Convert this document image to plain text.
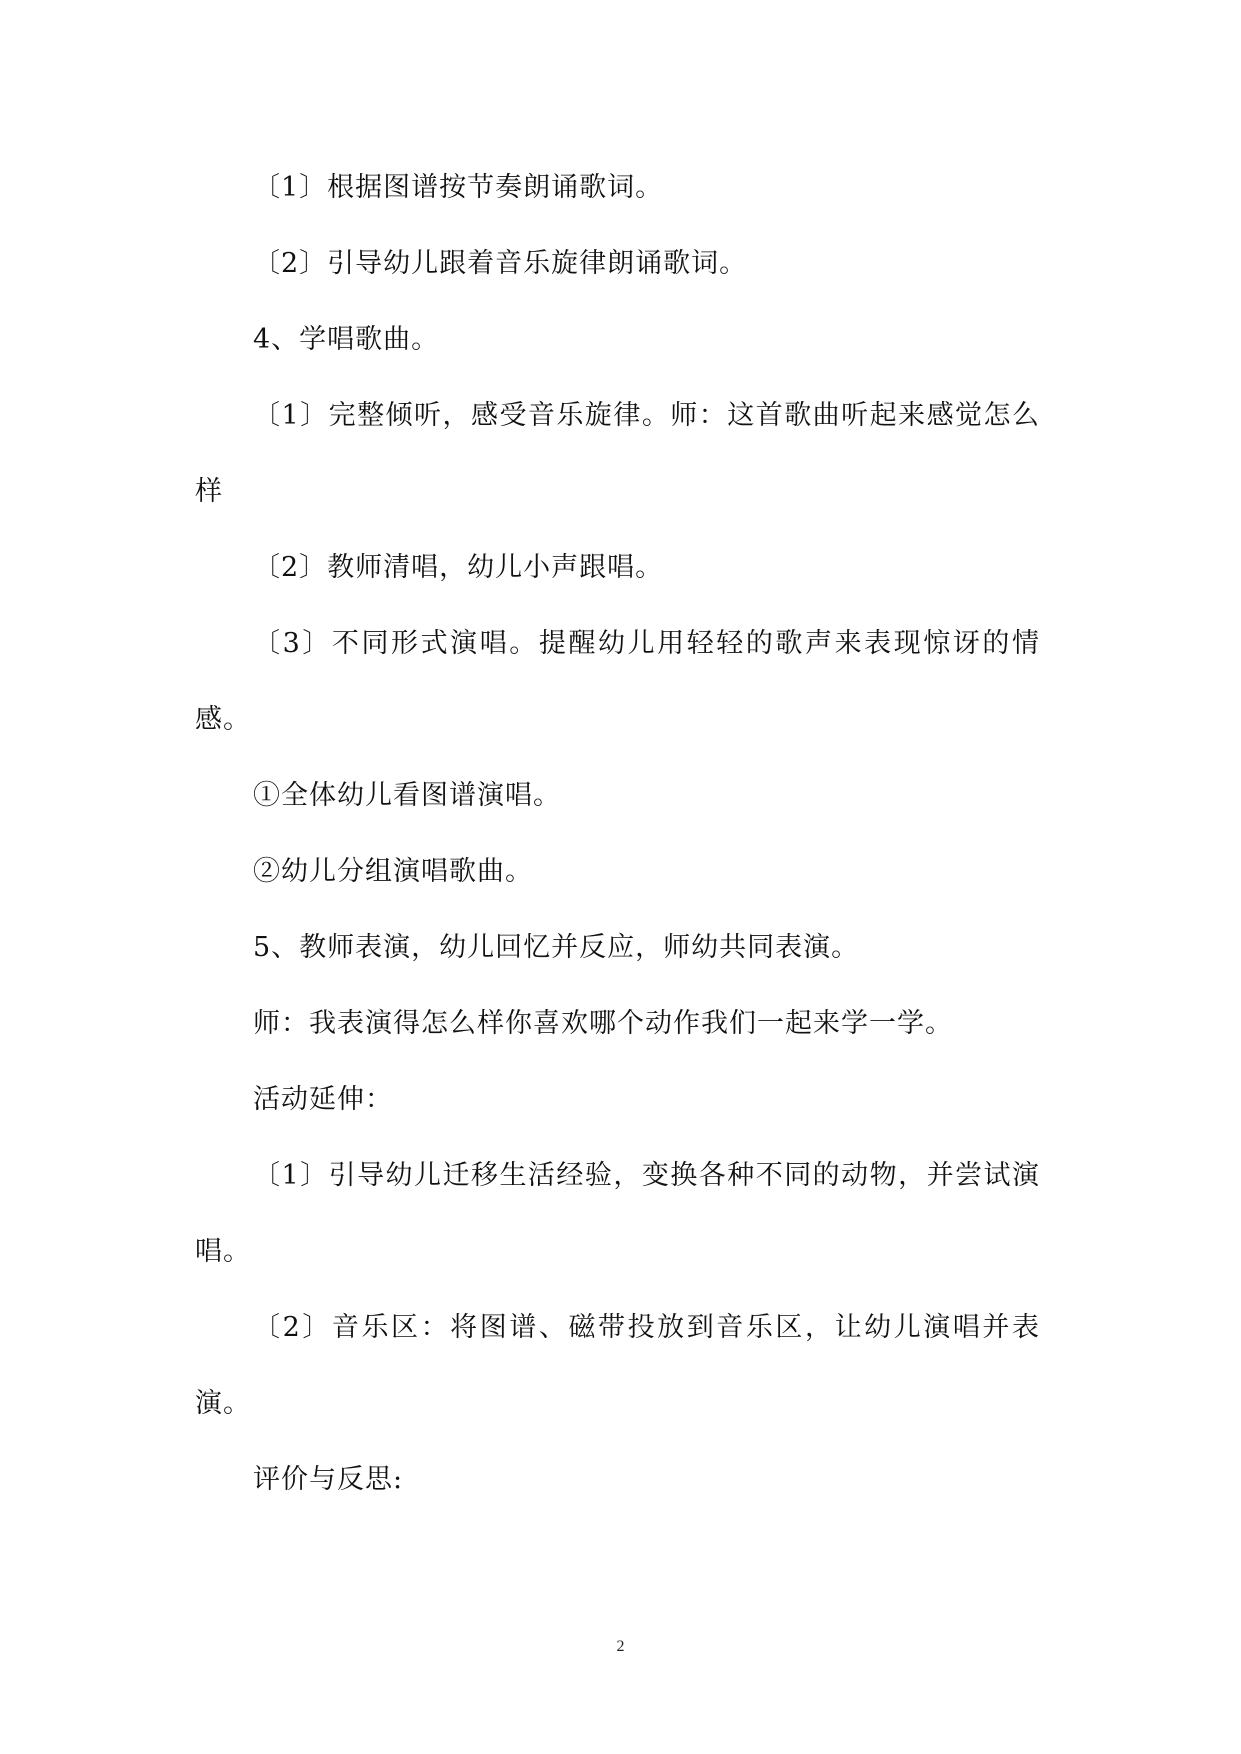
〔1〕根据图谱按节奏朗诵歌词。

〔2〕引导幼儿跟着音乐旋律朗诵歌词。

4、学唱歌曲。

〔1〕完整倾听，感受音乐旋律。师：这首歌曲听起来感觉怎么样

〔2〕教师清唱，幼儿小声跟唱。

〔3〕不同形式演唱。提醒幼儿用轻轻的歌声来表现惊讶的情感。

①全体幼儿看图谱演唱。

②幼儿分组演唱歌曲。

5、教师表演，幼儿回忆并反应，师幼共同表演。

师：我表演得怎么样你喜欢哪个动作我们一起来学一学。

活动延伸：

〔1〕引导幼儿迁移生活经验，变换各种不同的动物，并尝试演唱。

〔2〕音乐区：将图谱、磁带投放到音乐区，让幼儿演唱并表演。

评价与反思:

2
